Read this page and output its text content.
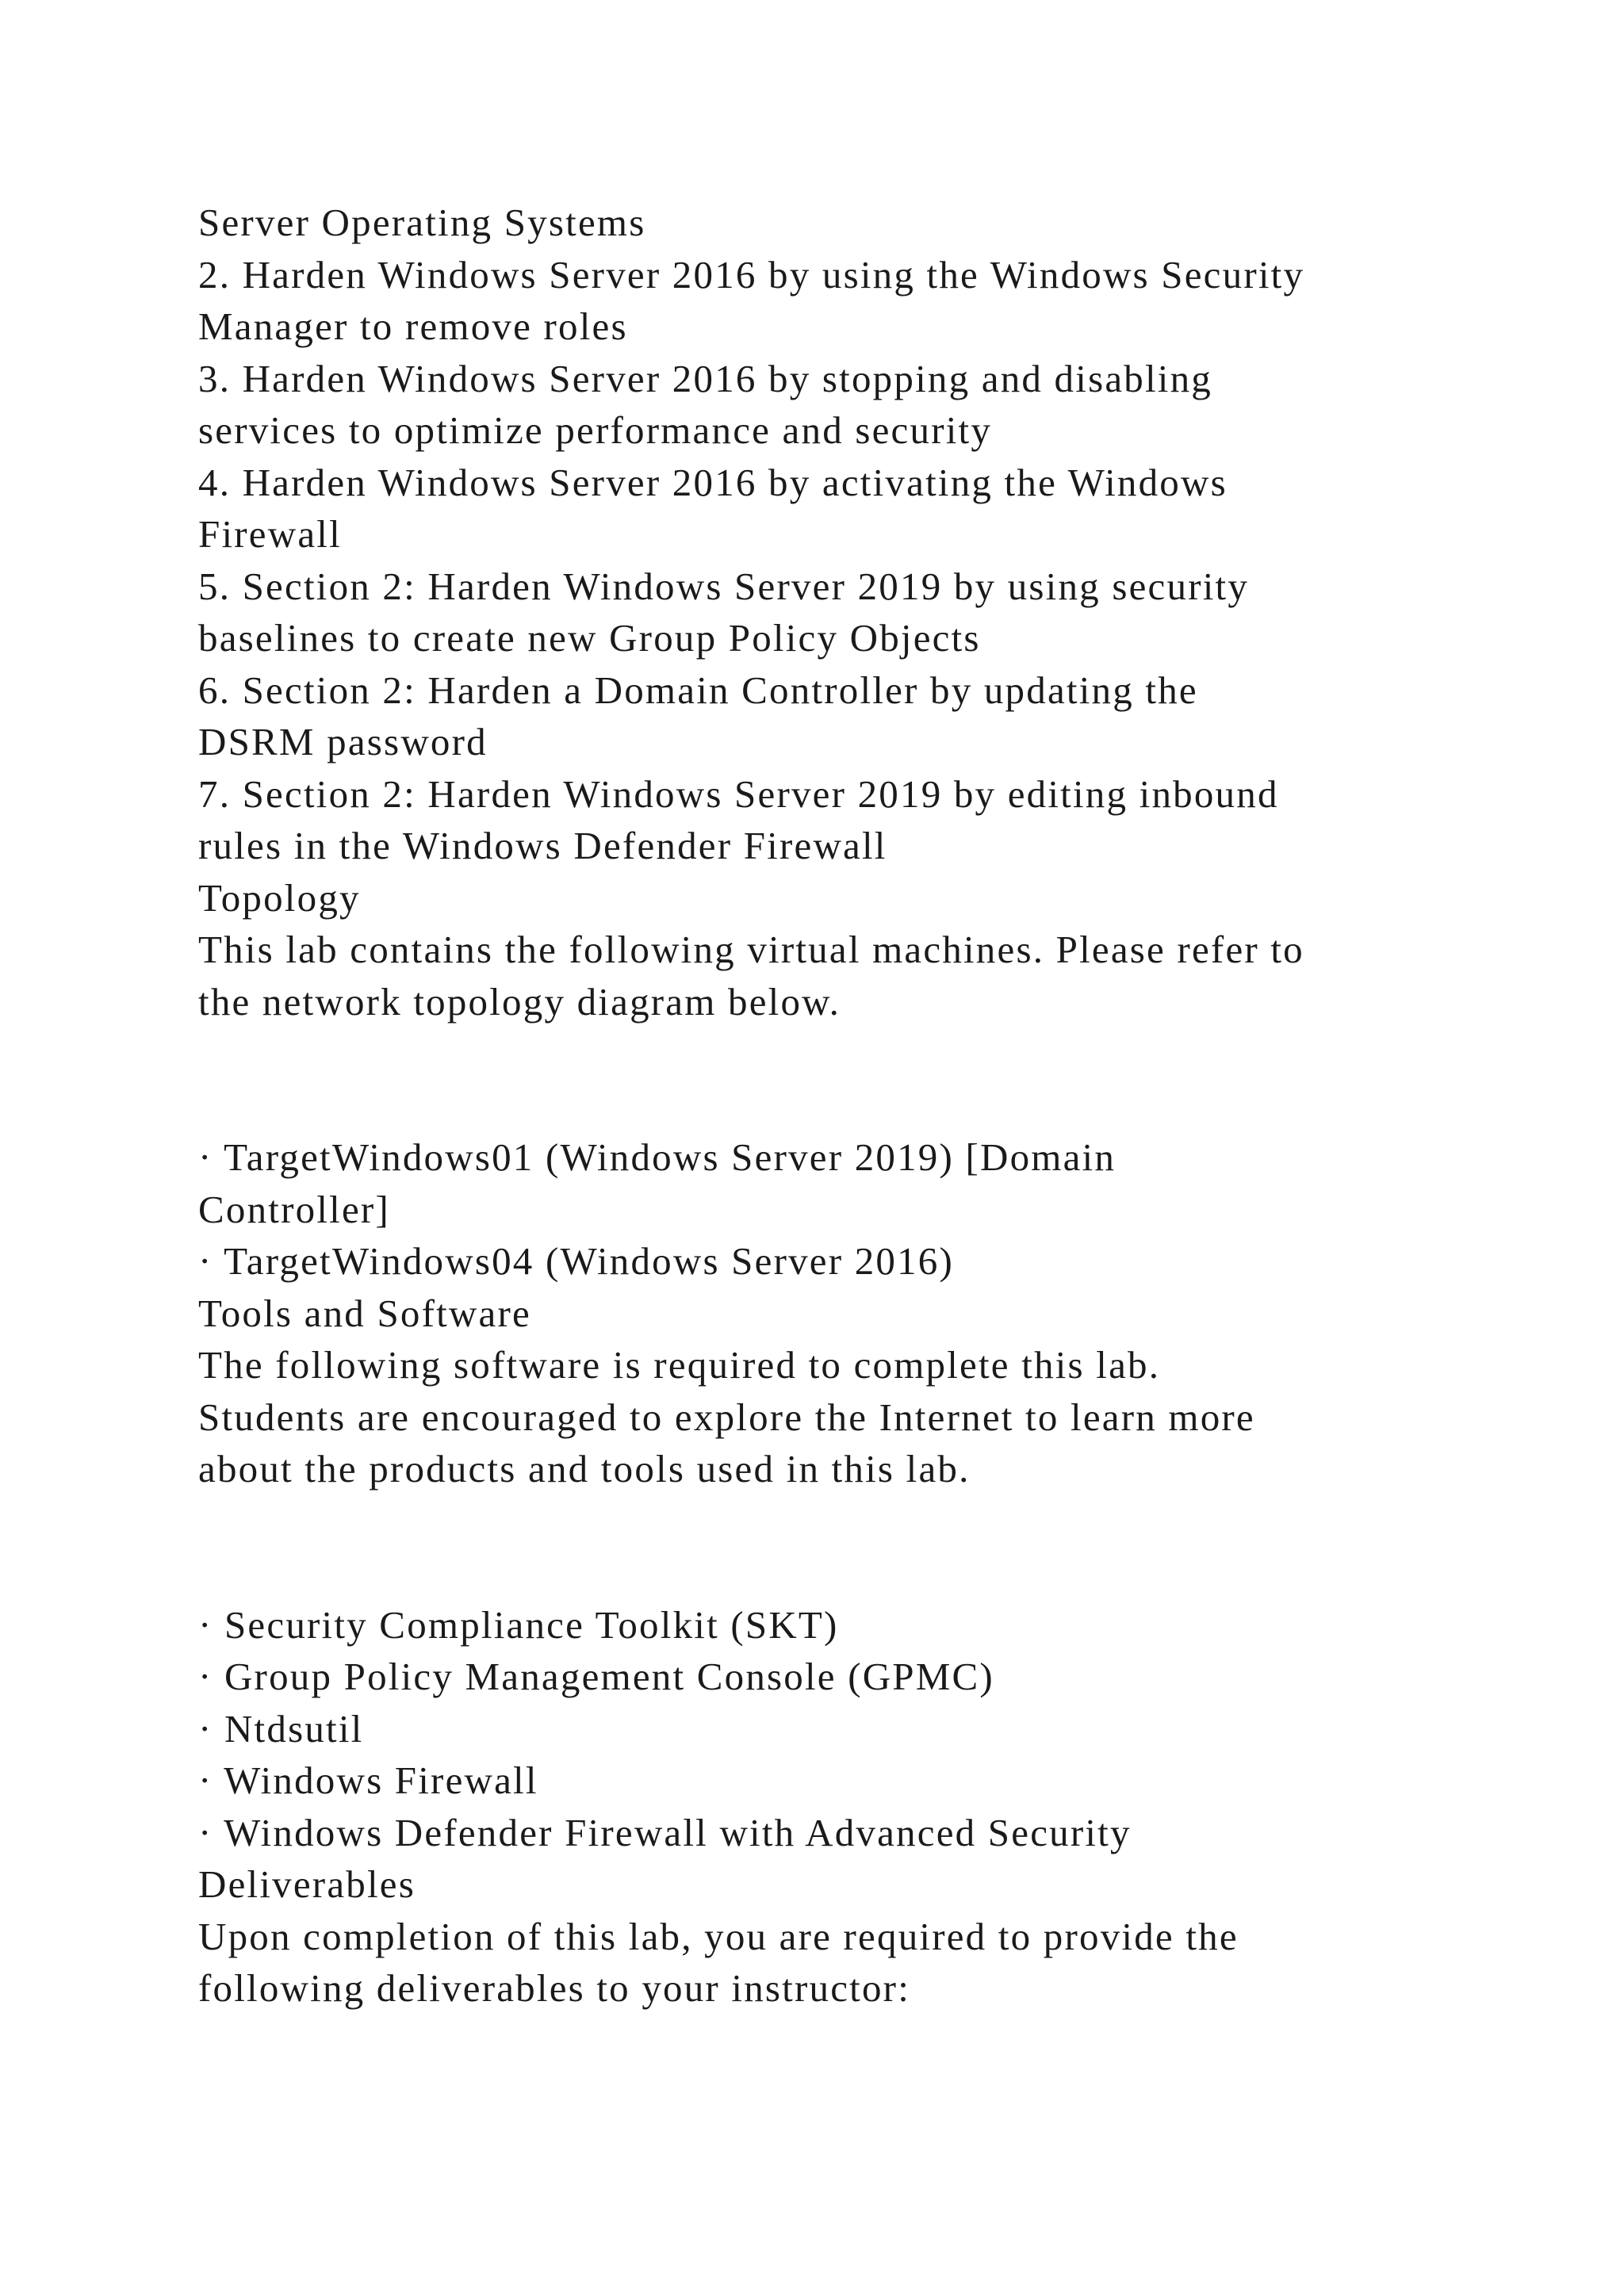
Server Operating Systems
2. Harden Windows Server 2016 by using the Windows Security
Manager to remove roles
3. Harden Windows Server 2016 by stopping and disabling
services to optimize performance and security
4. Harden Windows Server 2016 by activating the Windows
Firewall
5. Section 2: Harden Windows Server 2019 by using security
baselines to create new Group Policy Objects
6. Section 2: Harden a Domain Controller by updating the
DSRM password
7. Section 2: Harden Windows Server 2019 by editing inbound
rules in the Windows Defender Firewall
Topology
This lab contains the following virtual machines. Please refer to
the network topology diagram below.
· TargetWindows01 (Windows Server 2019) [Domain
Controller]
· TargetWindows04 (Windows Server 2016)
Tools and Software
The following software is required to complete this lab.
Students are encouraged to explore the Internet to learn more
about the products and tools used in this lab.
· Security Compliance Toolkit (SKT)
· Group Policy Management Console (GPMC)
· Ntdsutil
· Windows Firewall
· Windows Defender Firewall with Advanced Security
Deliverables
Upon completion of this lab, you are required to provide the
following deliverables to your instructor:
